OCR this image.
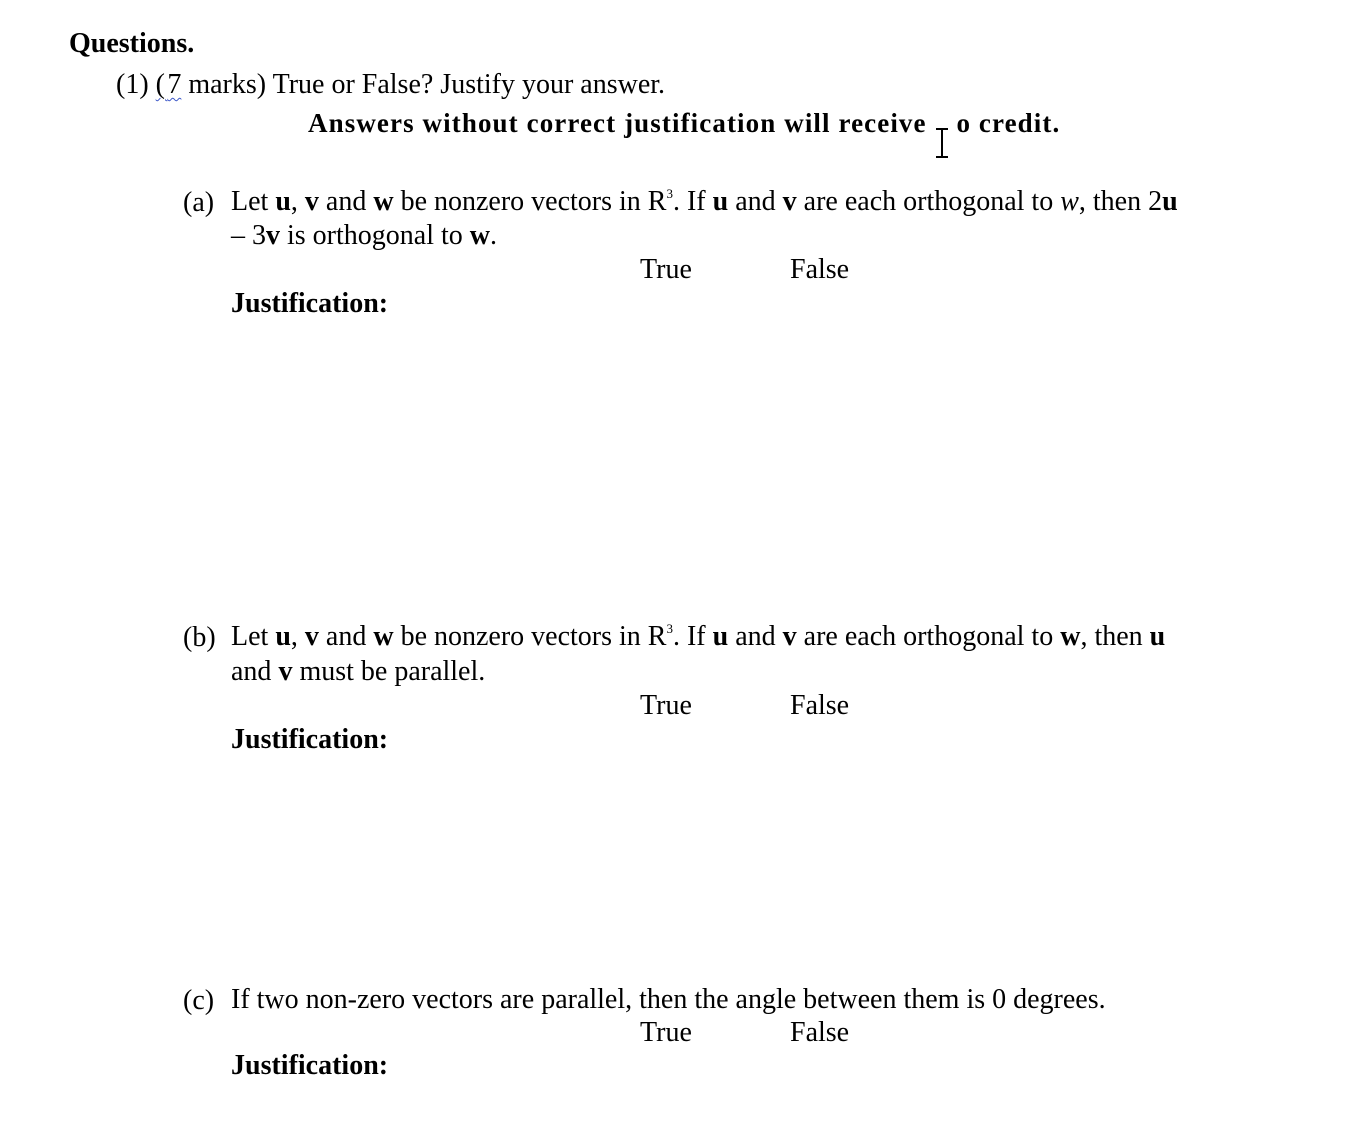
Questions.
(1) ( 7 marks) True or False? Justify your answer.
Answers without correct justification will receive
o credit.
(a) Let u, v and w be nonzero vectors in $R^3$. If u and v are each orthogonal to w, then 2u
– 3v is orthogonal to w.
True	False
Justification:
(b) Let u, v and w be nonzero vectors in $R^3$. If u and v are each orthogonal to w, then u
and v must be parallel.
True	False
Justification:
(c) If two non-zero vectors are parallel, then the angle between them is 0 degrees.
True	False
Justification:
